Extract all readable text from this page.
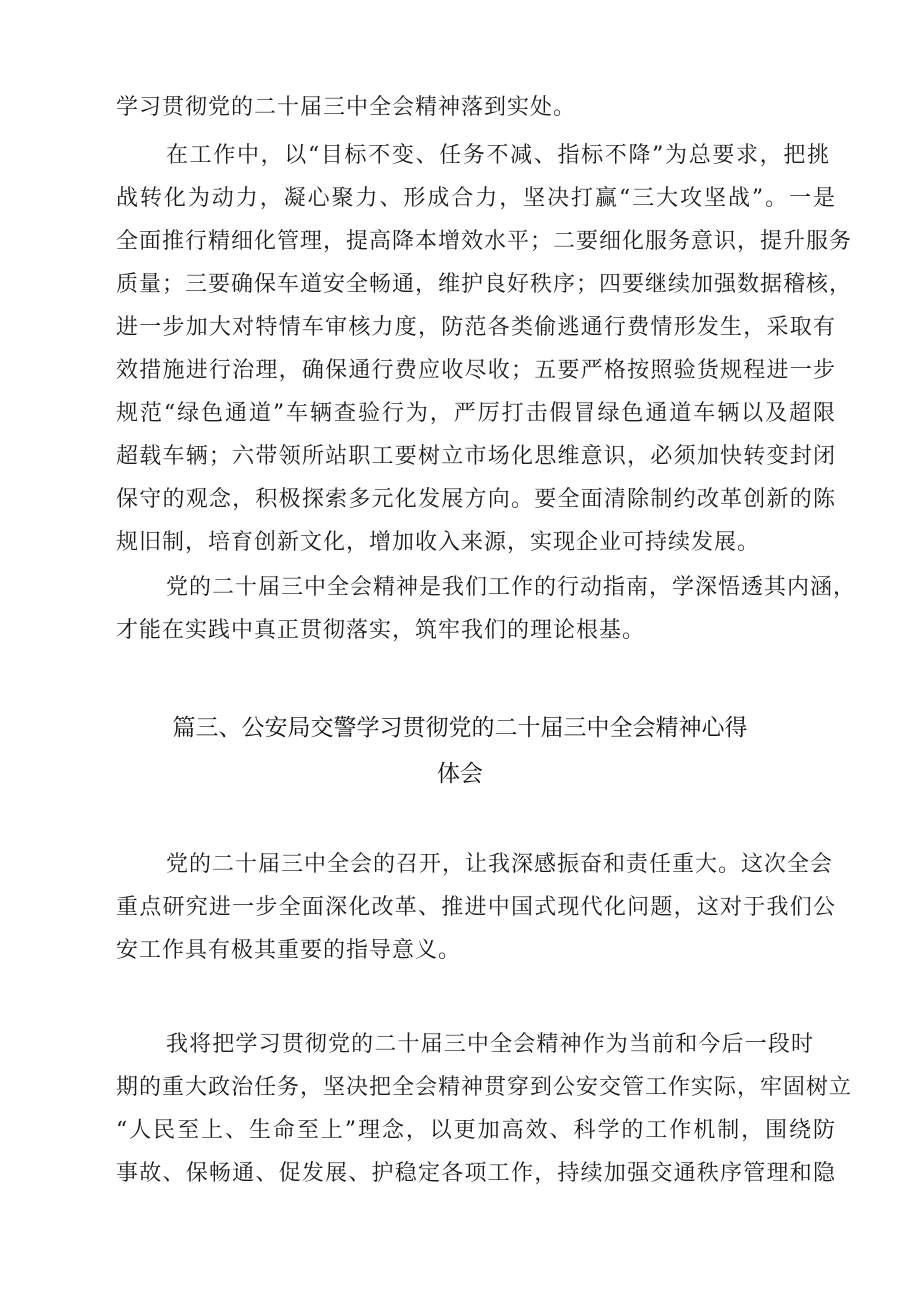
学习贯彻党的二十届三中全会精神落到实处。
在工作中，以“目标不变、任务不减、指标不降”为总要求，把挑
战转化为动力，凝心聚力、形成合力，坚决打赢“三大攻坚战”。一是
全面推行精细化管理，提高降本增效水平；二要细化服务意识，提升服务
质量；三要确保车道安全畅通，维护良好秩序；四要继续加强数据稽核，
进一步加大对特情车审核力度，防范各类偷逃通行费情形发生，采取有
效措施进行治理，确保通行费应收尽收；五要严格按照验货规程进一步
规范“绿色通道”车辆查验行为，严厉打击假冒绿色通道车辆以及超限
超载车辆；六带领所站职工要树立市场化思维意识，必须加快转变封闭
保守的观念，积极探索多元化发展方向。要全面清除制约改革创新的陈
规旧制，培育创新文化，增加收入来源，实现企业可持续发展。
党的二十届三中全会精神是我们工作的行动指南，学深悟透其内涵，
才能在实践中真正贯彻落实，筑牢我们的理论根基。
篇三、公安局交警学习贯彻党的二十届三中全会精神心得
体会
党的二十届三中全会的召开，让我深感振奋和责任重大。这次全会
重点研究进一步全面深化改革、推进中国式现代化问题，这对于我们公
安工作具有极其重要的指导意义。
我将把学习贯彻党的二十届三中全会精神作为当前和今后一段时
期的重大政治任务，坚决把全会精神贯穿到公安交管工作实际，牢固树立
“人民至上、生命至上”理念，以更加高效、科学的工作机制，围绕防
事故、保畅通、促发展、护稳定各项工作，持续加强交通秩序管理和隐
